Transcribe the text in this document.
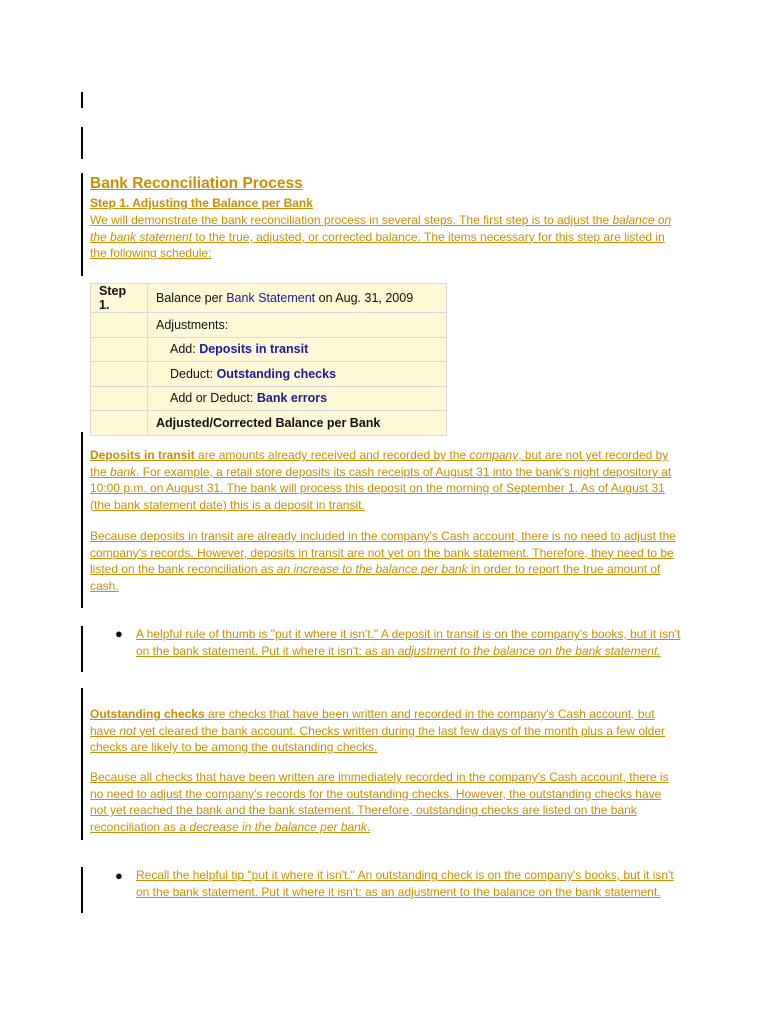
Bank Reconciliation Process
Step 1. Adjusting the Balance per Bank
We will demonstrate the bank reconciliation process in several steps. The first step is to adjust the balance on the bank statement to the true, adjusted, or corrected balance. The items necessary for this step are listed in the following schedule:
Step 1.	Balance per Bank Statement on Aug. 31, 2009
	Adjustments:
	Add: Deposits in transit
	Deduct: Outstanding checks
	Add or Deduct: Bank errors
	Adjusted/Corrected Balance per Bank
Deposits in transit are amounts already received and recorded by the company, but are not yet recorded by the bank. For example, a retail store deposits its cash receipts of August 31 into the bank's night depository at 10:00 p.m. on August 31. The bank will process this deposit on the morning of September 1. As of August 31 (the bank statement date) this is a deposit in transit.
Because deposits in transit are already included in the company's Cash account, there is no need to adjust the company's records. However, deposits in transit are not yet on the bank statement. Therefore, they need to be listed on the bank reconciliation as an increase to the balance per bank in order to report the true amount of cash.
● A helpful rule of thumb is "put it where it isn't." A deposit in transit is on the company's books, but it isn't on the bank statement. Put it where it isn't: as an adjustment to the balance on the bank statement.
Outstanding checks are checks that have been written and recorded in the company's Cash account, but have not yet cleared the bank account. Checks written during the last few days of the month plus a few older checks are likely to be among the outstanding checks.
Because all checks that have been written are immediately recorded in the company's Cash account, there is no need to adjust the company's records for the outstanding checks. However, the outstanding checks have not yet reached the bank and the bank statement. Therefore, outstanding checks are listed on the bank reconciliation as a decrease in the balance per bank.
● Recall the helpful tip "put it where it isn't." An outstanding check is on the company's books, but it isn't on the bank statement. Put it where it isn't: as an adjustment to the balance on the bank statement.
